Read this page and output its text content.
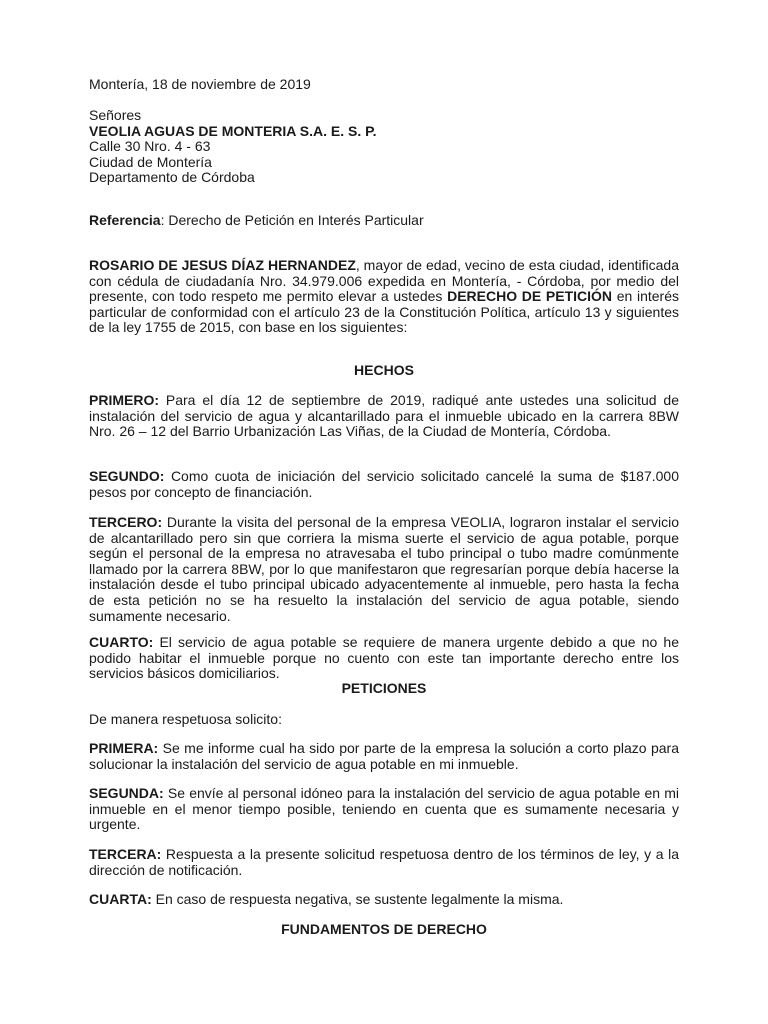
Montería, 18 de noviembre de 2019
Señores
VEOLIA AGUAS DE MONTERIA S.A. E. S. P.
Calle 30 Nro. 4 - 63
Ciudad de Montería
Departamento de Córdoba
Referencia: Derecho de Petición en Interés Particular
ROSARIO DE JESUS DÍAZ HERNANDEZ, mayor de edad, vecino de esta ciudad, identificada con cédula de ciudadanía Nro. 34.979.006 expedida en Montería, - Córdoba, por medio del presente, con todo respeto me permito elevar a ustedes DERECHO DE PETICIÓN en interés particular de conformidad con el artículo 23 de la Constitución Política, artículo 13 y siguientes de la ley 1755 de 2015, con base en los siguientes:
HECHOS
PRIMERO: Para el día 12 de septiembre de 2019, radiqué ante ustedes una solicitud de instalación del servicio de agua y alcantarillado para el inmueble ubicado en la carrera 8BW Nro. 26 – 12 del Barrio Urbanización Las Viñas, de la Ciudad de Montería, Córdoba.
SEGUNDO: Como cuota de iniciación del servicio solicitado cancelé la suma de $187.000 pesos por concepto de financiación.
TERCERO: Durante la visita del personal de la empresa VEOLIA, lograron instalar el servicio de alcantarillado pero sin que corriera la misma suerte el servicio de agua potable, porque según el personal de la empresa no atravesaba el tubo principal o tubo madre comúnmente llamado por la carrera 8BW, por lo que manifestaron que regresarían porque debía hacerse la instalación desde el tubo principal ubicado adyacentemente al inmueble, pero hasta la fecha de esta petición no se ha resuelto la instalación del servicio de agua potable, siendo sumamente necesario.
CUARTO: El servicio de agua potable se requiere de manera urgente debido a que no he podido habitar el inmueble porque no cuento con este tan importante derecho entre los servicios básicos domiciliarios.
PETICIONES
De manera respetuosa solicito:
PRIMERA: Se me informe cual ha sido por parte de la empresa la solución a corto plazo para solucionar la instalación del servicio de agua potable en mi inmueble.
SEGUNDA: Se envíe al personal idóneo para la instalación del servicio de agua potable en mi inmueble en el menor tiempo posible, teniendo en cuenta que es sumamente necesaria y urgente.
TERCERA: Respuesta a la presente solicitud respetuosa dentro de los términos de ley, y a la dirección de notificación.
CUARTA: En caso de respuesta negativa, se sustente legalmente la misma.
FUNDAMENTOS DE DERECHO
